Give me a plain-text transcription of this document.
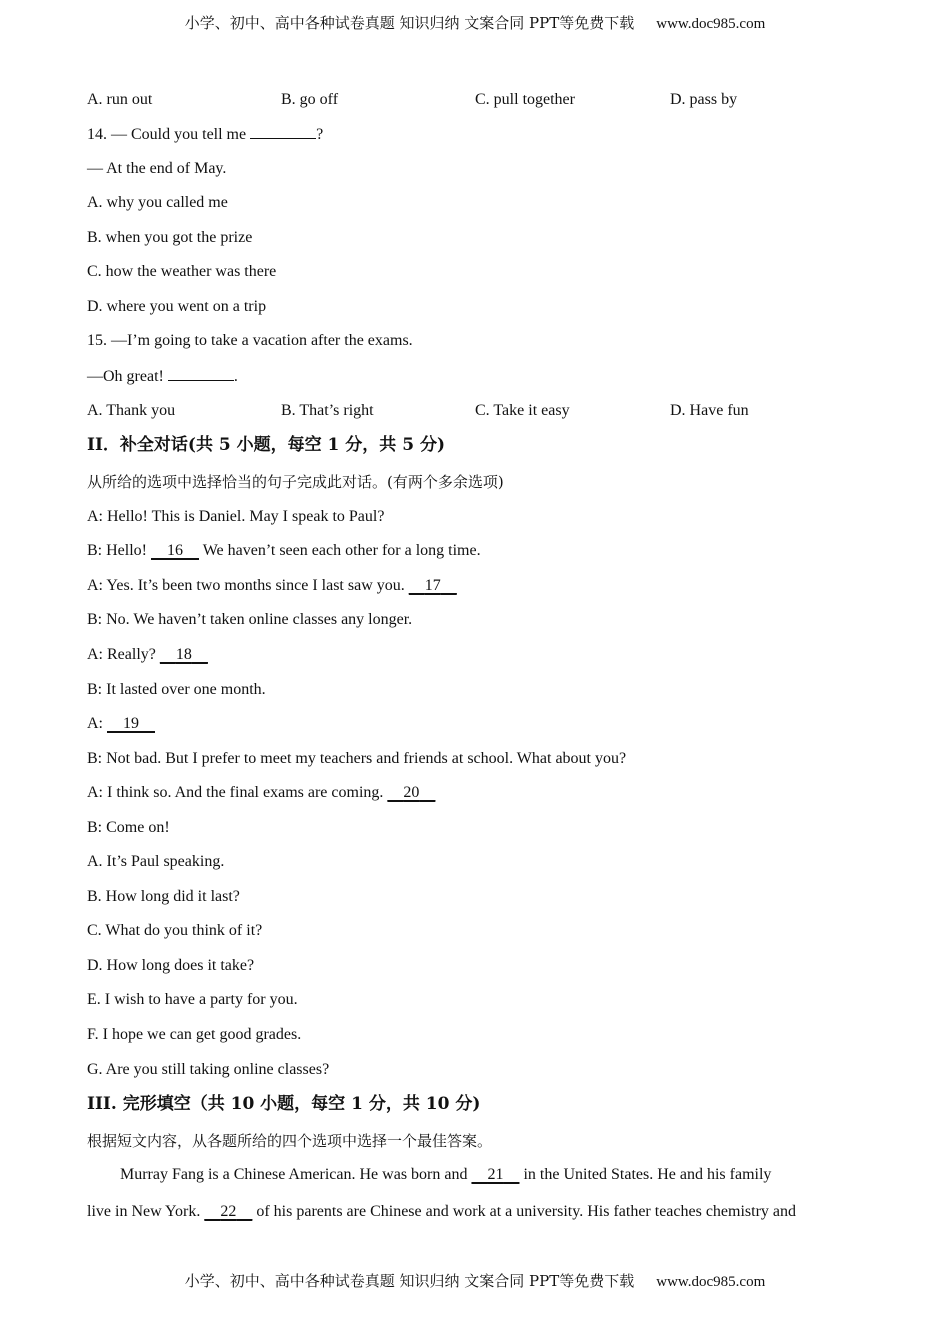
小学、初中、高中各种试卷真题 知识归纳 文案合同 PPT等免费下载 www.doc985.com
A. run out	B. go off	C. pull together	D. pass by
14. — Could you tell me	?
— At the end of May.
A. why you called me
B. when you got the prize
C. how the weather was there
D. where you went on a trip
15. —I’m going to take a vacation after the exams.
—Oh great!	.
A. Thank you	B. That’s right	C. Take it easy	D. Have fun
II．补全对话(共 5 小题，每空 1 分，共 5 分)
从所给的选项中选择恰当的句子完成此对话。(有两个多余选项)
A: Hello! This is Daniel. May I speak to Paul?
B: Hello! 16 We haven’t seen each other for a long time.
A: Yes. It’s been two months since I last saw you. 17
B: No. We haven’t taken online classes any longer.
A: Really? 18
B: It lasted over one month.
A: 19
B: Not bad. But I prefer to meet my teachers and friends at school. What about you?
A: I think so. And the final exams are coming. 20
B: Come on!
A. It’s Paul speaking.
B. How long did it last?
C. What do you think of it?
D. How long does it take?
E. I wish to have a party for you.
F. I hope we can get good grades.
G. Are you still taking online classes?
III. 完形填空（共 10 小题，每空 1 分，共 10 分)
根据短文内容，从各题所给的四个选项中选择一个最佳答案。
Murray Fang is a Chinese American. He was born and 21 in the United States. He and his family
live in New York. 22 of his parents are Chinese and work at a university. His father teaches chemistry and
小学、初中、高中各种试卷真题 知识归纳 文案合同 PPT等免费下载 www.doc985.com
